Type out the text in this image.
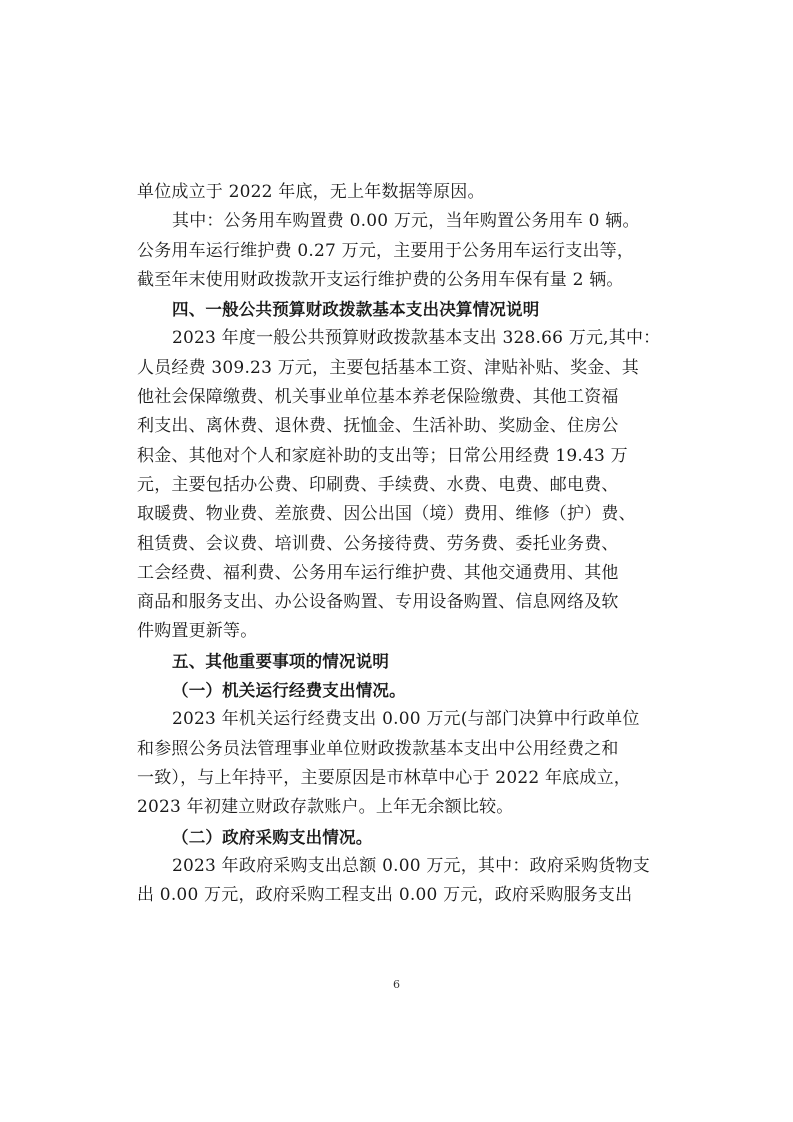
单位成立于 2022 年底，无上年数据等原因。
其中：公务用车购置费 0.00 万元，当年购置公务用车 0 辆。
公务用车运行维护费 0.27 万元，主要用于公务用车运行支出等，
截至年末使用财政拨款开支运行维护费的公务用车保有量 2 辆。
四、一般公共预算财政拨款基本支出决算情况说明
2023 年度一般公共预算财政拨款基本支出 328.66 万元,其中：
人员经费 309.23 万元，主要包括基本工资、津贴补贴、奖金、其
他社会保障缴费、机关事业单位基本养老保险缴费、其他工资福
利支出、离休费、退休费、抚恤金、生活补助、奖励金、住房公
积金、其他对个人和家庭补助的支出等；日常公用经费 19.43 万
元，主要包括办公费、印刷费、手续费、水费、电费、邮电费、
取暖费、物业费、差旅费、因公出国（境）费用、维修（护）费、
租赁费、会议费、培训费、公务接待费、劳务费、委托业务费、
工会经费、福利费、公务用车运行维护费、其他交通费用、其他
商品和服务支出、办公设备购置、专用设备购置、信息网络及软
件购置更新等。
五、其他重要事项的情况说明
（一）机关运行经费支出情况。
2023 年机关运行经费支出 0.00 万元(与部门决算中行政单位
和参照公务员法管理事业单位财政拨款基本支出中公用经费之和
一致），与上年持平，主要原因是市林草中心于 2022 年底成立，
2023 年初建立财政存款账户。上年无余额比较。
（二）政府采购支出情况。
2023 年政府采购支出总额 0.00 万元，其中：政府采购货物支
出 0.00 万元，政府采购工程支出 0.00 万元，政府采购服务支出
6
